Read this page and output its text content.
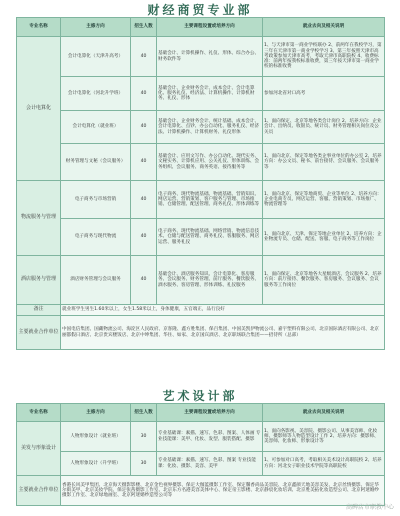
财经商贸专业部
专业名称	主修方向	招生人数	主要课程设置或培养方向	就业去向及相关说明
会计电算化	会计电算化（天津升高考）	40	基础会计、计算机操作、礼仪、形体、综合办公、财务软件等	1、与天津市第一商业学校联办 2、前两年在我校学习，第三年在天津市第一商业学校学习 3、第三年按照天津市高考政策参加天津市高考，考取天津市高职院校 4、收费标准：前两年按我校标准收费，第三年按天津市第一商业学校的标准收费
	会计电算化（河北升学班）	40	基础会计、企业财务会计、成本会计、会计电算化、服务礼仪、经济法、计算机操作、计算机财务、礼仪、形体	参加河北省对口高考
	会计电算化（就业班）	40	基础会计、企业财务会计、统计基础、成本会计、会计电算化、点钞、办公自动化、服务礼仪、经济法、计算机操作、计算机财务、礼仪形体	1、面向保定、北京等地各类会计岗位 2、培养方向：企业会计、出纳员、收银员、统计员、财务管理相关岗位及公关员
	财务管理与文秘（会议服务）	40	基础会计、应用文写作、办公自动化、现代实务、文秘实务、计算机应用、公关礼仪、形体训练、会务组织、会议服务、商务英语、接待服务等	1、面向北京、保定等地各类企事业单位的办公室 2、培养方向：办公文员、秘书、前台接待、会议服务、会议服务等
物流服务与管理	电子商务与市场营销	40	电子商务、现代物流基础、物流基础、营销知识、网店运营、营销策划、客户服务与管理、市场推销、仓储管理、配送管理、商务礼仪、形体训练等	1、面向北京、保定等地商贸、企业等单位 2、培养方向：企业电商专员、网店运营、客服、营销策划、市场推广、物流管理等
	电子商务与现代物流	40	电子商务、现代物流基础、网络营销、物流信息技术、仓储与配送管理、商务礼仪、客服服务、网店运营、服务礼仪	1、面向北京、天津、保定等地企业单位 2、培养方向：企业物流专员、仓储、配送、客服、电子商务等工作岗位
酒店服务与管理	酒店财务管理与会议服务	40	基础会计、酒店服务知识、会计电算化、客房服务、会议服务、财务管理、前厅服务、餐饮服务、酒水服务、客房管理、形体训练、礼仪服务	1、面向保定、北京等地各大星级酒店、会议服务 2、培养方向：前厅接待、餐饮服务、客房服务、会议服务、会议服务等工作岗位
备注	就业班学生男生1.60米以上，女生1.58米以上，身体健康，五官端正，品行良好			
主要就业合作单位	中国电信集团、国藏物流公司、海淀区人民政府、京客隆、鑫方胜集团、保百集团、中国美凯伊物流公司、嘉宇塑料有限公司、北京国际酒店有限公司、北京丽都假日酒店、北京贵宾楼饭店、北京中坤集团、华住、如家、北京国宾酒店、北京职场联合集团——招待所（总部）			
艺术设计部
专业名称	主修方向	招生人数	主要课程设置或培养方向	就业去向及相关说明
美发与形象设计	人物形象设计（就业班）	30	专业基础课：素描、速写、色彩、图案、人体画 专业技能课：美甲、化妆、发型、服装搭配、摄影	1、面向各影视、美容院、摄影公司、从事美容师、化妆师、摄影师等人物造型设计工作 2、培养方向：摄影师、美容师、化妆师、形象设计等
	人物形象设计（升学班）	30	专业基础课：素描、速写、色彩、图案 专业技能课：化妆、摄影、美容、美甲	1、可参加对口高考，考取相关美术设计高职院校 2、培养方向：河北女子职业技术学院等高职院校
主要就业合作单位	香港长风美甲集团、北京海天摄影影楼、北京金色视界摄影、保定大伽蓝摄影工作室、保定馨香尚品美容院、北京鑫颜天地美容美发、北京丝情摄影、保定华尔街美甲、北京美妆学院、保定张茜摄影工作室、北京东方名港美容美体中心、保定帝王影楼、北京静宸化妆培训、北京胜美拓化妆造型公司、北京阿迷婚纱摄影工作室、北京绿地画室、北京阿迷婚纱造型公司等			
高碑店市职教中心
